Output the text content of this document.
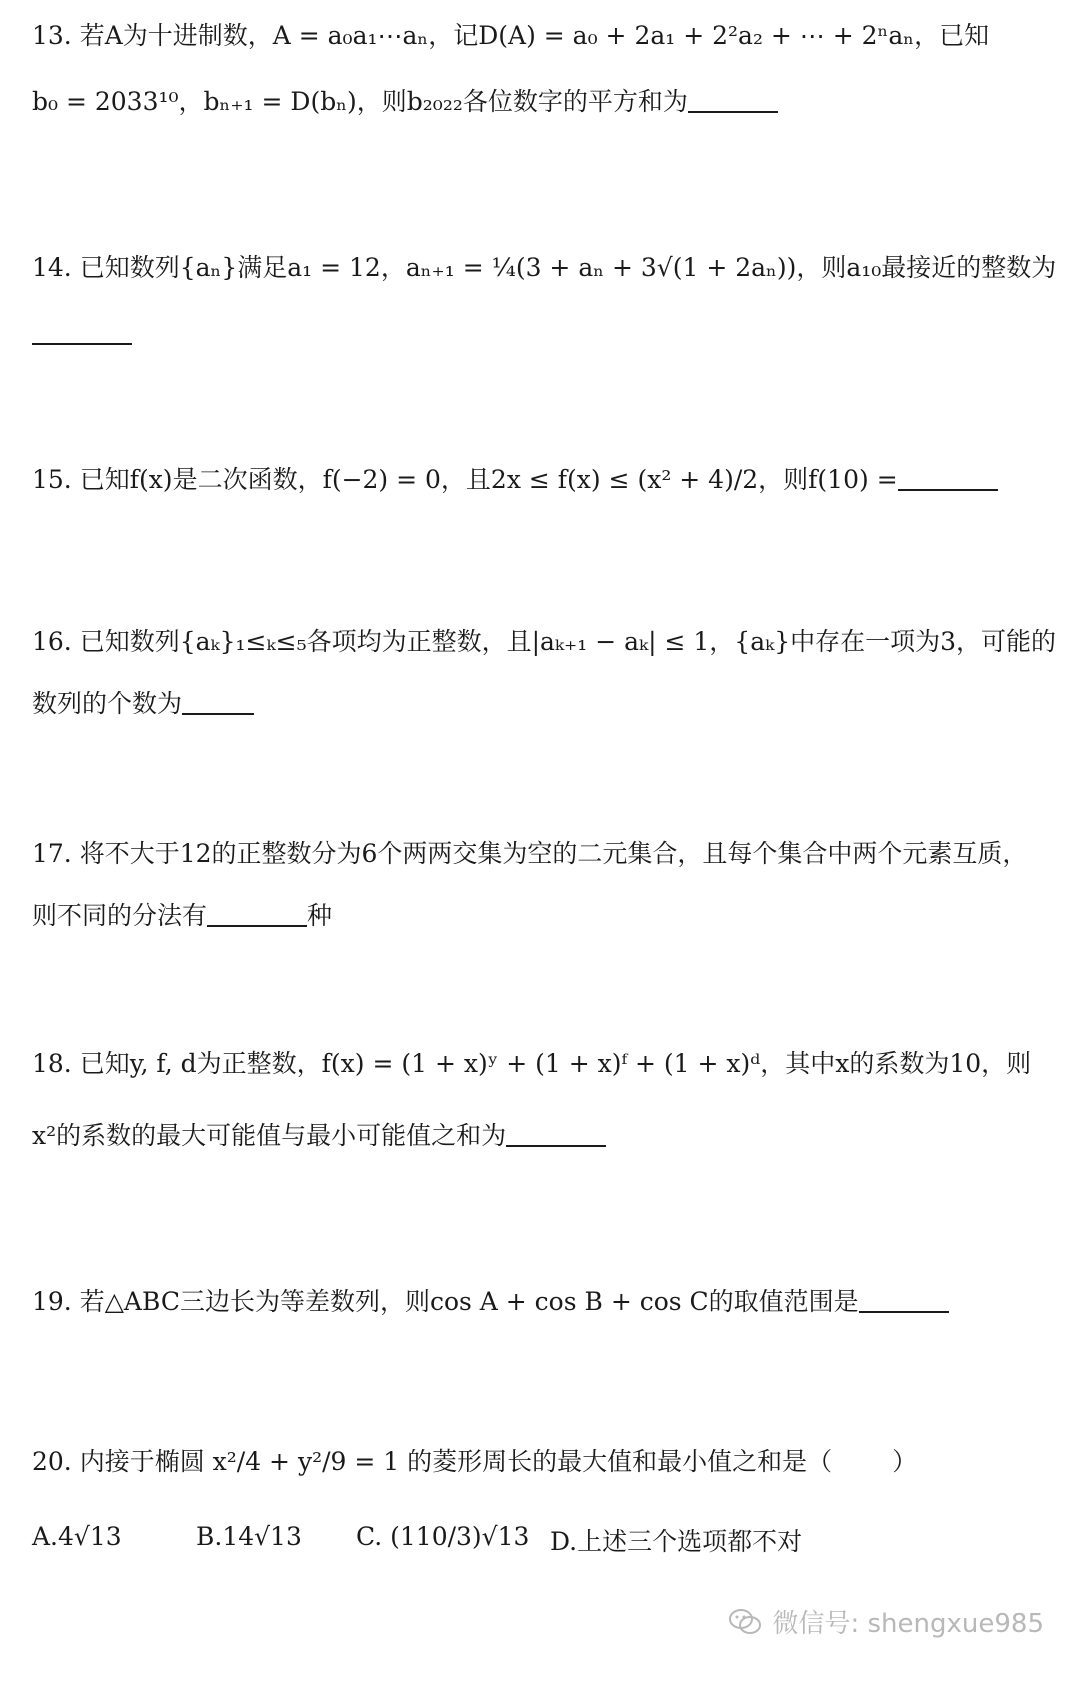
13. 若A为十进制数，A = a₀a₁⋯aₙ，记D(A) = a₀ + 2a₁ + 2²a₂ + ⋯ + 2ⁿaₙ，已知
b₀ = 2033¹⁰，bₙ₊₁ = D(bₙ)，则b₂₀₂₂各位数字的平方和为
14. 已知数列{aₙ}满足a₁ = 12，aₙ₊₁ = ¼(3 + aₙ + 3√(1 + 2aₙ))，则a₁₀最接近的整数为
15. 已知f(x)是二次函数，f(−2) = 0，且2x ≤ f(x) ≤ (x² + 4)/2，则f(10) =
16. 已知数列{aₖ}₁≤ₖ≤₅各项均为正整数，且|aₖ₊₁ − aₖ| ≤ 1，{aₖ}中存在一项为3，可能的
数列的个数为
17. 将不大于12的正整数分为6个两两交集为空的二元集合，且每个集合中两个元素互质，
则不同的分法有	种
18. 已知y, f, d为正整数，f(x) = (1 + x)ʸ + (1 + x)ᶠ + (1 + x)ᵈ，其中x的系数为10，则
x²的系数的最大可能值与最小可能值之和为
19. 若△ABC三边长为等差数列，则cos A + cos B + cos C的取值范围是
20. 内接于椭圆 x²/4 + y²/9 = 1 的菱形周长的最大值和最小值之和是（ ）
A.4√13	B.14√13 C. (110/3)√13 D.上述三个选项都不对
微信号: shengxue985
